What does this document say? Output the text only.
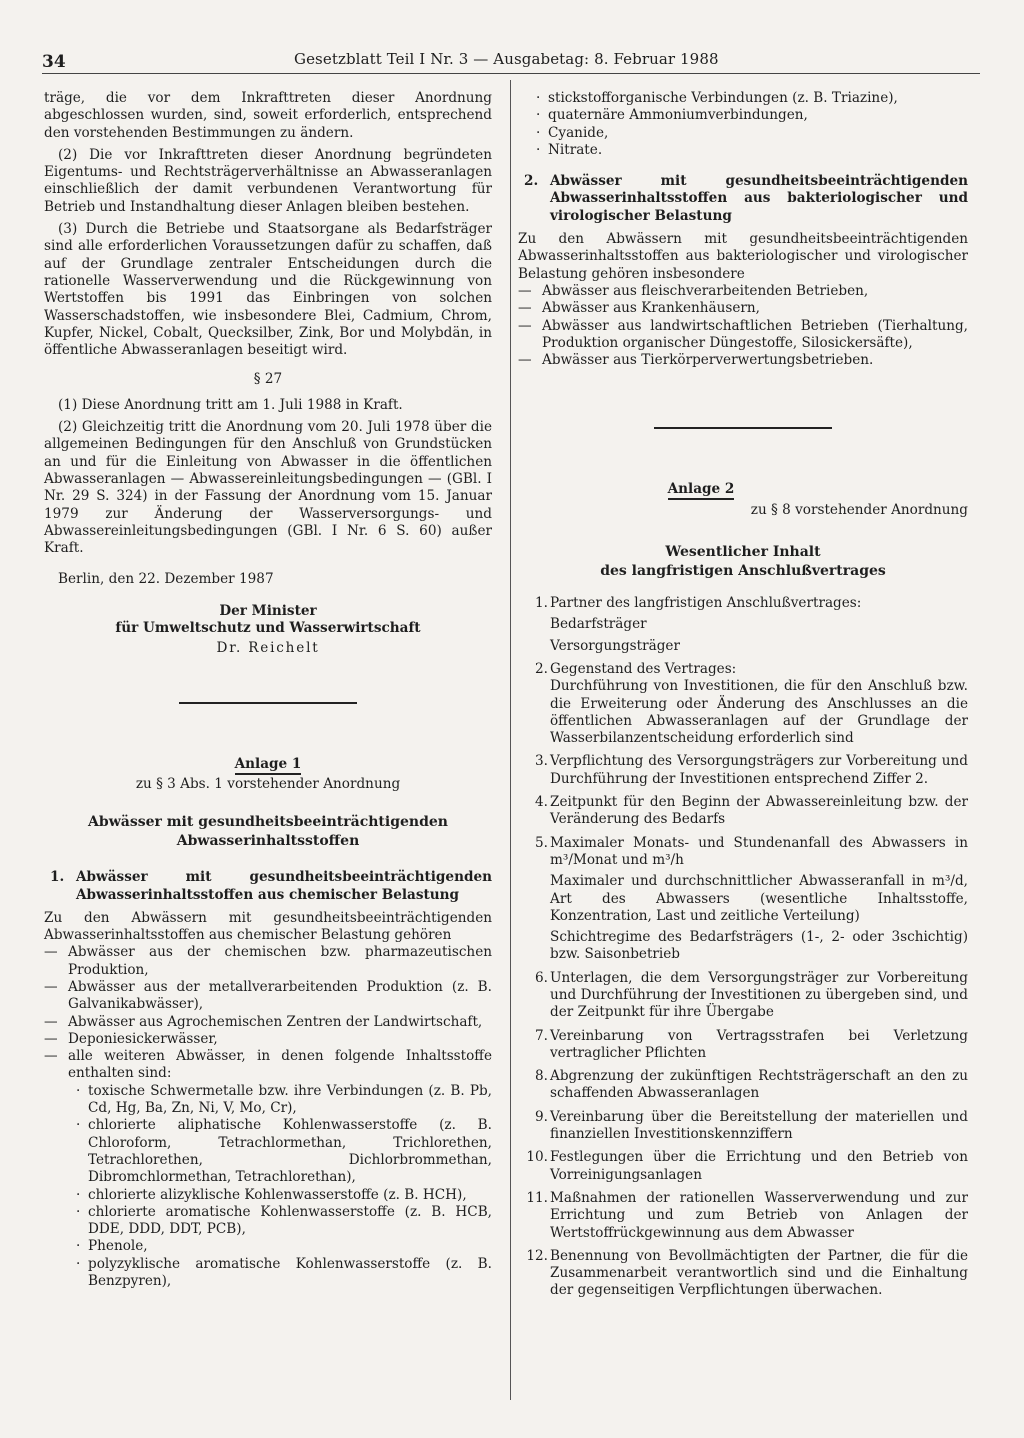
34	Gesetzblatt Teil I Nr. 3 — Ausgabetag: 8. Februar 1988

träge, die vor dem Inkrafttreten dieser Anordnung abgeschlossen wurden, sind, soweit erforderlich, entsprechend den vorstehenden Bestimmungen zu ändern.

(2) Die vor Inkrafttreten dieser Anordnung begründeten Eigentums- und Rechtsträgerverhältnisse an Abwasseranlagen einschließlich der damit verbundenen Verantwortung für Betrieb und Instandhaltung dieser Anlagen bleiben bestehen.

(3) Durch die Betriebe und Staatsorgane als Bedarfsträger sind alle erforderlichen Voraussetzungen dafür zu schaffen, daß auf der Grundlage zentraler Entscheidungen durch die rationelle Wasserverwendung und die Rückgewinnung von Wertstoffen bis 1991 das Einbringen von solchen Wasserschadstoffen, wie insbesondere Blei, Cadmium, Chrom, Kupfer, Nickel, Cobalt, Quecksilber, Zink, Bor und Molybdän, in öffentliche Abwasseranlagen beseitigt wird.

§ 27

(1) Diese Anordnung tritt am 1. Juli 1988 in Kraft.

(2) Gleichzeitig tritt die Anordnung vom 20. Juli 1978 über die allgemeinen Bedingungen für den Anschluß von Grundstücken an und für die Einleitung von Abwasser in die öffentlichen Abwasseranlagen — Abwassereinleitungsbedingungen — (GBl. I Nr. 29 S. 324) in der Fassung der Anordnung vom 15. Januar 1979 zur Änderung der Wasserversorgungs- und Abwassereinleitungsbedingungen (GBl. I Nr. 6 S. 60) außer Kraft.

Berlin, den 22. Dezember 1987

Der Minister
für Umweltschutz und Wasserwirtschaft
Dr. Reichelt
Anlage 1
zu § 3 Abs. 1 vorstehender Anordnung
Abwässer mit gesundheitsbeeinträchtigenden
Abwasserinhaltsstoffen
1. Abwässer mit gesundheitsbeeinträchtigenden Abwasserinhaltsstoffen aus chemischer Belastung

Zu den Abwässern mit gesundheitsbeeinträchtigenden Abwasserinhaltsstoffen aus chemischer Belastung gehören

— Abwässer aus der chemischen bzw. pharmazeutischen Produktion,
— Abwässer aus der metallverarbeitenden Produktion (z. B. Galvanikabwässer),
— Abwässer aus Agrochemischen Zentren der Landwirtschaft,
— Deponiesickerwässer,
— alle weiteren Abwässer, in denen folgende Inhaltsstoffe enthalten sind:
· toxische Schwermetalle bzw. ihre Verbindungen (z. B. Pb, Cd, Hg, Ba, Zn, Ni, V, Mo, Cr),
· chlorierte aliphatische Kohlenwasserstoffe (z. B. Chloroform, Tetrachlormethan, Trichlorethen, Tetrachlorethen, Dichlorbrommethan, Dibromchlormethan, Tetrachlorethan),
· chlorierte alizyklische Kohlenwasserstoffe (z. B. HCH),
· chlorierte aromatische Kohlenwasserstoffe (z. B. HCB, DDE, DDD, DDT, PCB),
· Phenole,
· polyzyklische aromatische Kohlenwasserstoffe (z. B. Benzpyren),
· stickstofforganische Verbindungen (z. B. Triazine),
· quaternäre Ammoniumverbindungen,
· Cyanide,
· Nitrate.
2. Abwässer mit gesundheitsbeeinträchtigenden Abwasserinhaltsstoffen aus bakteriologischer und virologischer Belastung

Zu den Abwässern mit gesundheitsbeeinträchtigenden Abwasserinhaltsstoffen aus bakteriologischer und virologischer Belastung gehören insbesondere

— Abwässer aus fleischverarbeitenden Betrieben,
— Abwässer aus Krankenhäusern,
— Abwässer aus landwirtschaftlichen Betrieben (Tierhaltung, Produktion organischer Düngestoffe, Silosickersäfte),
— Abwässer aus Tierkörperverwertungsbetrieben.
Anlage 2
zu § 8 vorstehender Anordnung
Wesentlicher Inhalt
des langfristigen Anschlußvertrages
1. Partner des langfristigen Anschlußvertrages:
Bedarfsträger
Versorgungsträger
2. Gegenstand des Vertrages:
Durchführung von Investitionen, die für den Anschluß bzw. die Erweiterung oder Änderung des Anschlusses an die öffentlichen Abwasseranlagen auf der Grundlage der Wasserbilanzentscheidung erforderlich sind
3. Verpflichtung des Versorgungsträgers zur Vorbereitung und Durchführung der Investitionen entsprechend Ziffer 2.
4. Zeitpunkt für den Beginn der Abwassereinleitung bzw. der Veränderung des Bedarfs
5. Maximaler Monats- und Stundenanfall des Abwassers in m³/Monat und m³/h
Maximaler und durchschnittlicher Abwasseranfall in m³/d, Art des Abwassers (wesentliche Inhaltsstoffe, Konzentration, Last und zeitliche Verteilung)
Schichtregime des Bedarfsträgers (1-, 2- oder 3schichtig) bzw. Saisonbetrieb
6. Unterlagen, die dem Versorgungsträger zur Vorbereitung und Durchführung der Investitionen zu übergeben sind, und der Zeitpunkt für ihre Übergabe
7. Vereinbarung von Vertragsstrafen bei Verletzung vertraglicher Pflichten
8. Abgrenzung der zukünftigen Rechtsträgerschaft an den zu schaffenden Abwasseranlagen
9. Vereinbarung über die Bereitstellung der materiellen und finanziellen Investitionskennziffern
10. Festlegungen über die Errichtung und den Betrieb von Vorreinigungsanlagen
11. Maßnahmen der rationellen Wasserverwendung und zur Errichtung und zum Betrieb von Anlagen der Wertstoffrückgewinnung aus dem Abwasser
12. Benennung von Bevollmächtigten der Partner, die für die Zusammenarbeit verantwortlich sind und die Einhaltung der gegenseitigen Verpflichtungen überwachen.
